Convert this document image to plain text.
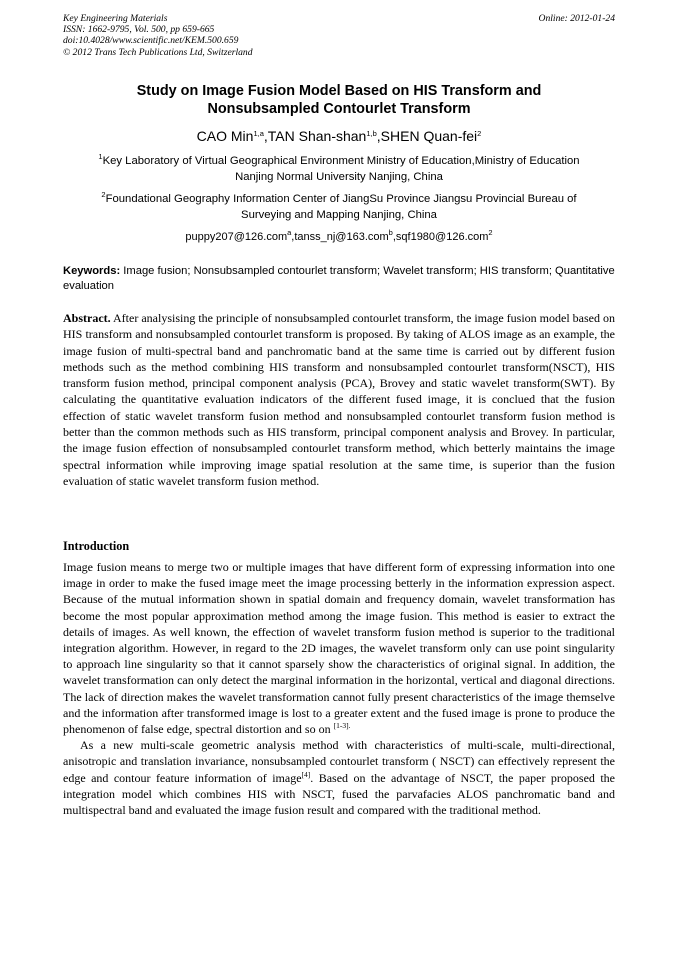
Key Engineering Materials
ISSN: 1662-9795, Vol. 500, pp 659-665
doi:10.4028/www.scientific.net/KEM.500.659
© 2012 Trans Tech Publications Ltd, Switzerland
Online: 2012-01-24
Study on Image Fusion Model Based on HIS Transform and
Nonsubsampled Contourlet Transform
CAO Min$^{1,a}$,TAN Shan-shan$^{1,b}$,SHEN Quan-fei$^2$
$^1$Key Laboratory of Virtual Geographical Environment Ministry of Education,Ministry of Education
Nanjing Normal University Nanjing, China
$^2$Foundational Geography Information Center of JiangSu Province Jiangsu Provincial Bureau of
Surveying and Mapping Nanjing, China
puppy207@126.com$^a$,tanss_nj@163.com$^b$,sqf1980@126.com$^2$
Keywords: Image fusion; Nonsubsampled contourlet transform; Wavelet transform; HIS transform; Quantitative evaluation
Abstract. After analysising the principle of nonsubsampled contourlet transform, the image fusion model based on HIS transform and nonsubsampled contourlet transform is proposed. By taking of ALOS image as an example, the image fusion of multi-spectral band and panchromatic band at the same time is carried out by different fusion methods such as the method combining HIS transform and nonsubsampled contourlet transform(NSCT), HIS transform fusion method, principal component analysis (PCA), Brovey and static wavelet transform(SWT). By calculating the quantitative evaluation indicators of the different fused image, it is conclued that the fusion effection of static wavelet transform fusion method and nonsubsampled contourlet transform fusion method is better than the common methods such as HIS transform, principal component analysis and Brovey. In particular, the image fusion effection of nonsubsampled contourlet transform method, which betterly maintains the image spectral information while improving image spatial resolution at the same time, is superior than the fusion evaluation of static wavelet transform fusion method.
Introduction

Image fusion means to merge two or multiple images that have different form of expressing information into one image in order to make the fused image meet the image processing betterly in the information expression aspect. Because of the mutual information shown in spatial domain and frequency domain, wavelet transformation has become the most popular approximation method among the image fusion. This method is easier to extract the details of images. As well known, the effection of wavelet transform fusion method is superior to the traditional integration algorithm. However, in regard to the 2D images, the wavelet transform only can use point singularity to approach line singularity so that it cannot sparsely show the characteristics of original signal. In addition, the wavelet transformation can only detect the marginal information in the horizontal, vertical and diagonal directions. The lack of direction makes the wavelet transformation cannot fully present characteristics of the image themselve and the information after transformed image is lost to a greater extent and the fused image is prone to produce the phenomenon of false edge, spectral distortion and so on $^{[1-3].}$

As a new multi-scale geometric analysis method with characteristics of multi-scale, multi-directional, anisotropic and translation invariance, nonsubsampled contourlet transform ( NSCT) can effectively represent the edge and contour feature information of image[4]. Based on the advantage of NSCT, the paper proposed the integration model which combines HIS with NSCT, fused the parvafacies ALOS panchromatic band and multispectral band and evaluated the image fusion result and compared with the traditional method.
